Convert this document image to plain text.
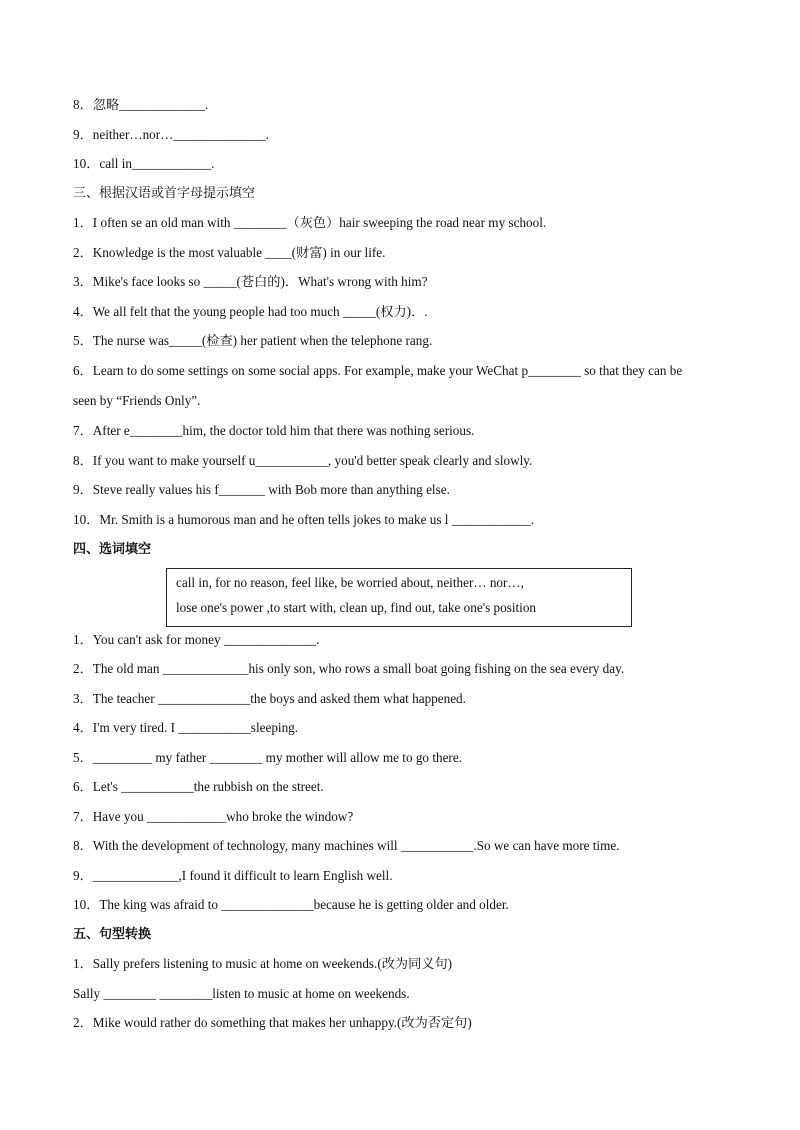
8．忽略_____________.
9．neither…nor…______________.
10．call in____________.
三、根据汉语或首字母提示填空
1．I often se an old man with ________（灰色）hair sweeping the road near my school.
2．Knowledge is the most valuable ____(财富) in our life.
3．Mike's face looks so _____(苍白的)．What's wrong with him?
4．We all felt that the young people had too much _____(权力)．.
5．The nurse was_____(检查) her patient when the telephone rang.
6．Learn to do some settings on some social apps. For example, make your WeChat p________ so that they can be
seen by “Friends Only”.
7．After e________him, the doctor told him that there was nothing serious.
8．If you want to make yourself u___________, you'd better speak clearly and slowly.
9．Steve really values his f_______ with Bob more than anything else.
10．Mr. Smith is a humorous man and he often tells jokes to make us l ____________.
四、选词填空
call in, for no reason, feel like, be worried about, neither… nor…,
lose one's power ,to start with, clean up, find out, take one's position
1．You can't ask for money ______________.
2．The old man _____________his only son, who rows a small boat going fishing on the sea every day.
3．The teacher ______________the boys and asked them what happened.
4．I'm very tired. I ___________sleeping.
5．_________ my father ________ my mother will allow me to go there.
6．Let's ___________the rubbish on the street.
7．Have you ____________who broke the window?
8．With the development of technology, many machines will ___________.So we can have more time.
9．_____________,I found it difficult to learn English well.
10．The king was afraid to ______________because he is getting older and older.
五、句型转换
1．Sally prefers listening to music at home on weekends.(改为同义句)
Sally ________ ________listen to music at home on weekends.
2．Mike would rather do something that makes her unhappy.(改为否定句)
